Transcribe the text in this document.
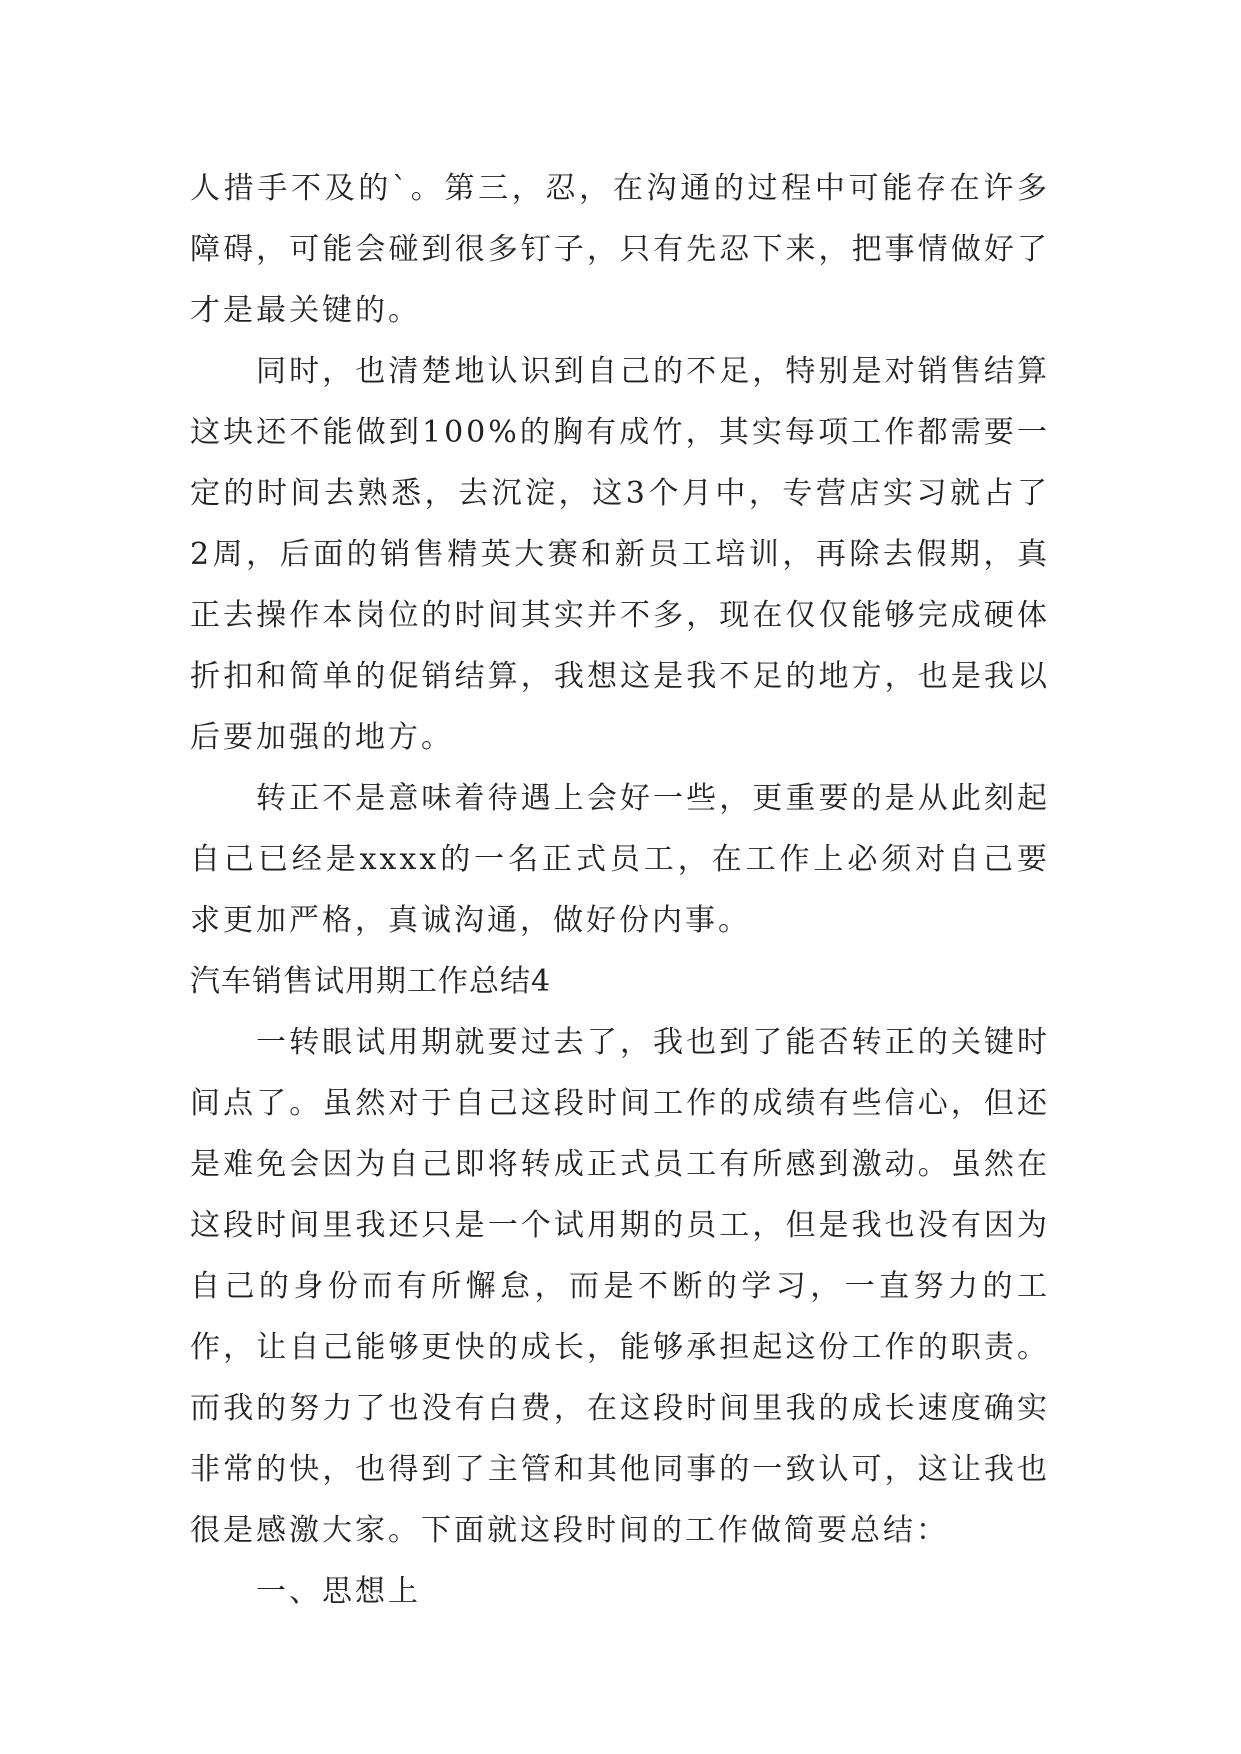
人措手不及的`。第三，忍，在沟通的过程中可能存在许多障碍，可能会碰到很多钉子，只有先忍下来，把事情做好了才是最关键的。

同时，也清楚地认识到自己的不足，特别是对销售结算这块还不能做到100%的胸有成竹，其实每项工作都需要一定的时间去熟悉，去沉淀，这3个月中，专营店实习就占了2周，后面的销售精英大赛和新员工培训，再除去假期，真正去操作本岗位的时间其实并不多，现在仅仅能够完成硬体折扣和简单的促销结算，我想这是我不足的地方，也是我以后要加强的地方。

转正不是意味着待遇上会好一些，更重要的是从此刻起自己已经是xxxx的一名正式员工，在工作上必须对自己要求更加严格，真诚沟通，做好份内事。

汽车销售试用期工作总结4

一转眼试用期就要过去了，我也到了能否转正的关键时间点了。虽然对于自己这段时间工作的成绩有些信心，但还是难免会因为自己即将转成正式员工有所感到激动。虽然在这段时间里我还只是一个试用期的员工，但是我也没有因为自己的身份而有所懈怠，而是不断的学习，一直努力的工作，让自己能够更快的成长，能够承担起这份工作的职责。而我的努力了也没有白费，在这段时间里我的成长速度确实非常的快，也得到了主管和其他同事的一致认可，这让我也很是感激大家。下面就这段时间的工作做简要总结：

一、思想上
